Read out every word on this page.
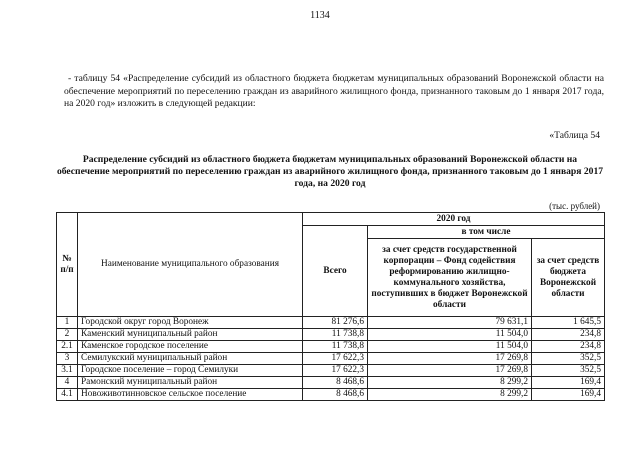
1134
- таблицу 54 «Распределение субсидий из областного бюджета бюджетам муниципальных образований Воронежской области на обеспечение мероприятий по переселению граждан из аварийного жилищного фонда, признанного таковым до 1 января 2017 года, на 2020 год» изложить в следующей редакции:
«Таблица 54
Распределение субсидий из областного бюджета бюджетам муниципальных образований Воронежской области на обеспечение мероприятий по переселению граждан из аварийного жилищного фонда, признанного таковым до 1 января 2017 года, на 2020 год
(тыс. рублей)
№ п/п	Наименование муниципального образования	2020 год		
		Всего	в том числе	
			за счет средств государственной корпорации – Фонд содействия реформированию жилищно-коммунального хозяйства, поступивших в бюджет Воронежской области	за счет средств бюджета Воронежской области
1	Городской округ город Воронеж	81 276,6	79 631,1	1 645,5
2	Каменский муниципальный район	11 738,8	11 504,0	234,8
2.1	Каменское городское поселение	11 738,8	11 504,0	234,8
3	Семилукский муниципальный район	17 622,3	17 269,8	352,5
3.1	Городское поселение – город Семилуки	17 622,3	17 269,8	352,5
4	Рамонский муниципальный район	8 468,6	8 299,2	169,4
4.1	Новоживотинновское сельское поселение	8 468,6	8 299,2	169,4
